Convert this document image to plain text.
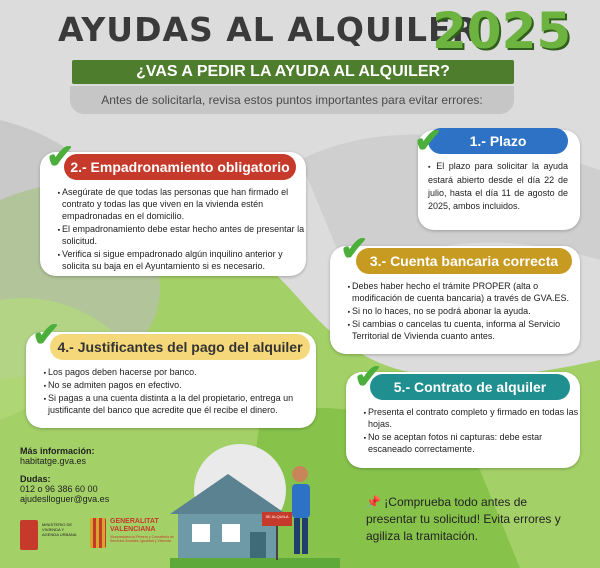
AYUDAS AL ALQUILER
2025
¿VAS A PEDIR LA AYUDA AL ALQUILER?
Antes de solicitarla, revisa estos puntos importantes para evitar errores:
▪ El plazo para solicitar la ayuda estará abierto desde el día 22 de julio, hasta el día 11 de agosto de 2025, ambos incluidos.
1.- Plazo
✔
• Asegúrate de que todas las personas que han firmado el contrato y todas las que viven en la vivienda estén empadronadas en el domicilio.
• El empadronamiento debe estar hecho antes de presentar la solicitud.
• Verifica si sigue empadronado algún inquilino anterior y solicita su baja en el Ayuntamiento si es necesario.
2.- Empadronamiento obligatorio
✔
• Debes haber hecho el trámite PROPER (alta o modificación de cuenta bancaria) a través de GVA.ES.
• Si no lo haces, no se podrá abonar la ayuda.
• Si cambias o cancelas tu cuenta, informa al Servicio Territorial de Vivienda cuanto antes.
3.- Cuenta bancaria correcta
✔
• Los pagos deben hacerse por banco.
• No se admiten pagos en efectivo.
• Si pagas a una cuenta distinta a la del propietario, entrega un justificante del banco que acredite que él recibe el dinero.
4.- Justificantes del pago del alquiler
✔
• Presenta el contrato completo y firmado en todas las hojas.
• No se aceptan fotos ni capturas: debe estar escaneado correctamente.
5.- Contrato de alquiler
✔
Más información:
habitatge.gva.es
Dudas:
012 o 96 386 60 00
ajudeslloguer@gva.es
MINISTERIO DE VIVIENDA Y AGENDA URBANA
GENERALITAT
VALENCIANA
Vicepresidencia Primera y Conselleria de Servicios Sociales, Igualdad y Vivienda
SE ALQUILA
📌 ¡Comprueba todo antes de presentar tu solicitud! Evita errores y agiliza la tramitación.
